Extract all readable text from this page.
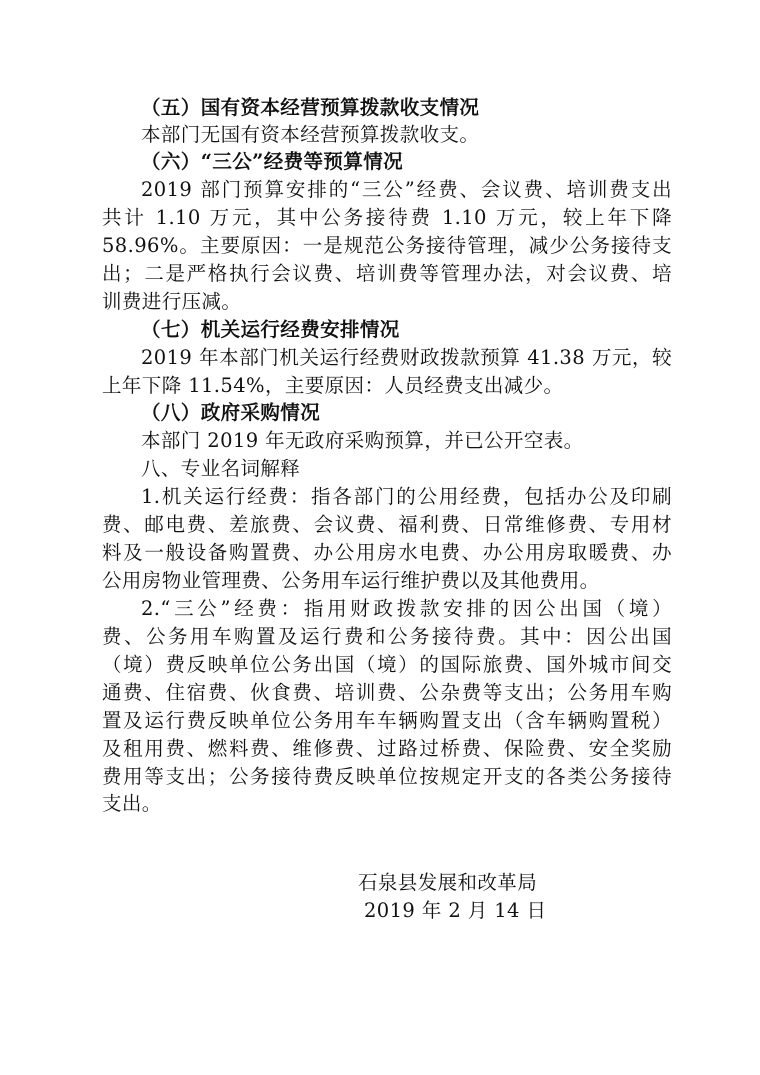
（五）国有资本经营预算拨款收支情况
本部门无国有资本经营预算拨款收支。
（六）“三公”经费等预算情况
2019 部门预算安排的“三公”经费、会议费、培训费支出
共计 1.10 万元，其中公务接待费 1.10 万元，较上年下降
58.96%。主要原因：一是规范公务接待管理，减少公务接待支
出；二是严格执行会议费、培训费等管理办法，对会议费、培
训费进行压减。
（七）机关运行经费安排情况
2019 年本部门机关运行经费财政拨款预算 41.38 万元，较
上年下降 11.54%，主要原因：人员经费支出减少。
（八）政府采购情况
本部门 2019 年无政府采购预算，并已公开空表。
八、专业名词解释
1.机关运行经费：指各部门的公用经费，包括办公及印刷
费、邮电费、差旅费、会议费、福利费、日常维修费、专用材
料及一般设备购置费、办公用房水电费、办公用房取暖费、办
公用房物业管理费、公务用车运行维护费以及其他费用。
2.“三公”经费：指用财政拨款安排的因公出国（境）
费、公务用车购置及运行费和公务接待费。其中：因公出国
（境）费反映单位公务出国（境）的国际旅费、国外城市间交
通费、住宿费、伙食费、培训费、公杂费等支出；公务用车购
置及运行费反映单位公务用车车辆购置支出（含车辆购置税）
及租用费、燃料费、维修费、过路过桥费、保险费、安全奖励
费用等支出；公务接待费反映单位按规定开支的各类公务接待
支出。
石泉县发展和改革局
2019 年 2 月 14 日
